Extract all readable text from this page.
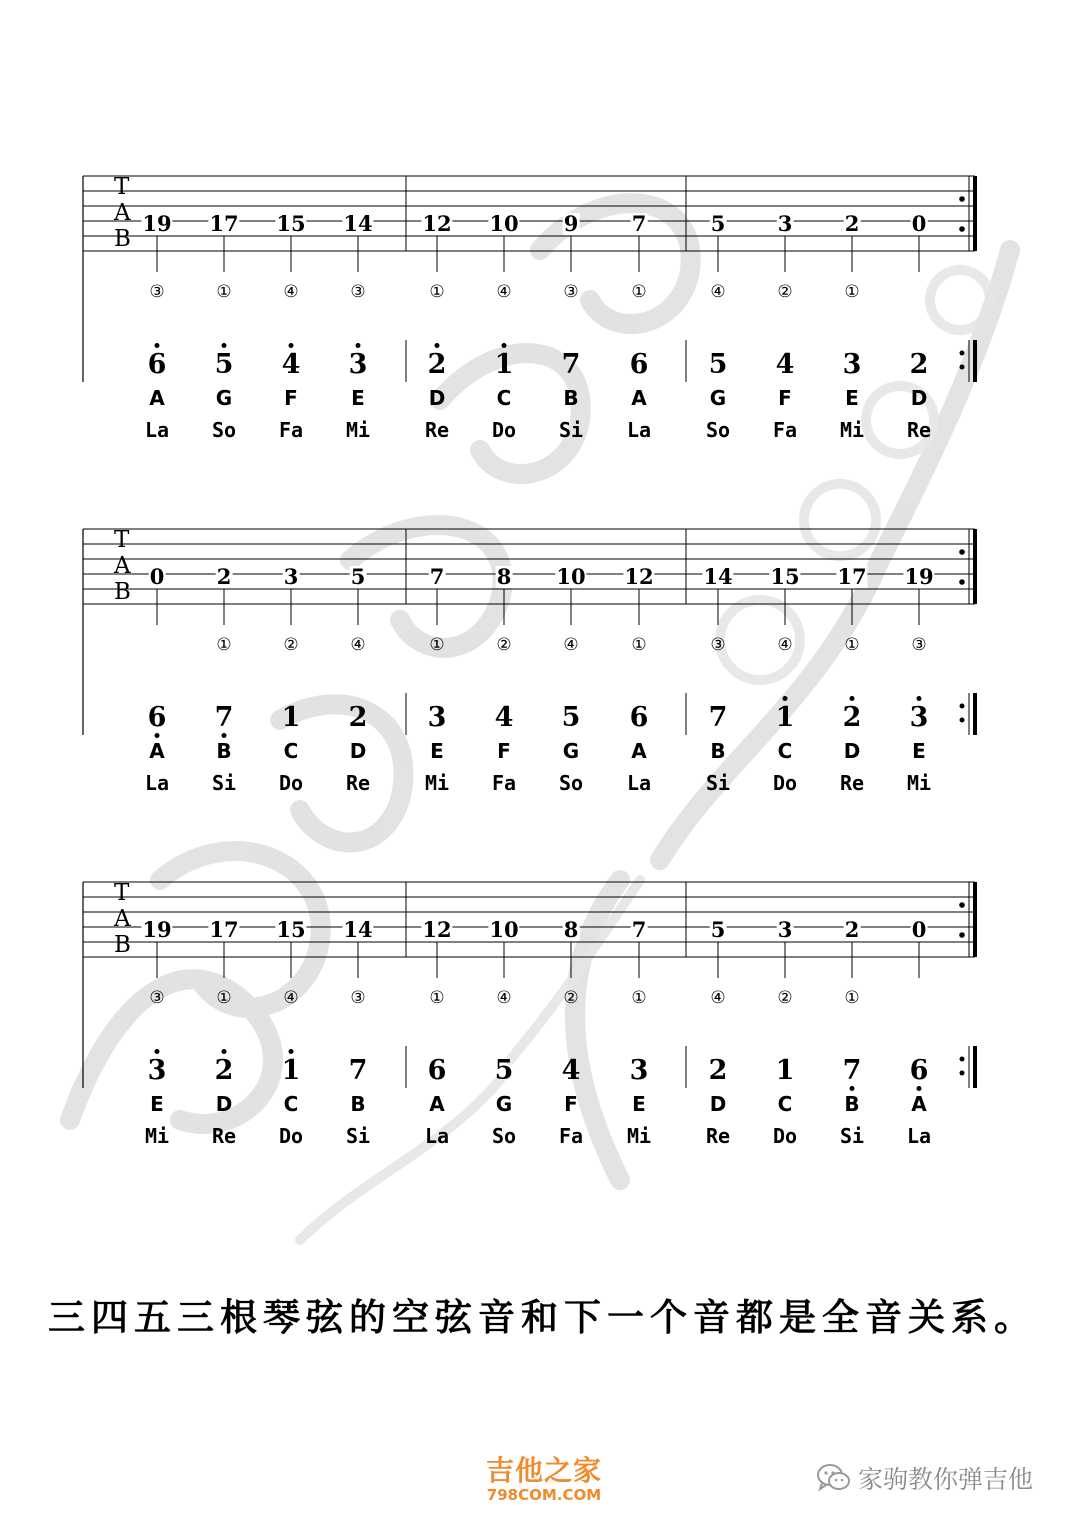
T
A
B
19
③
6
A
La
17
①
5
G
So
15
④
4
F
Fa
14
③
3
E
Mi
12
①
2
D
Re
10
④
1
C
Do
9
③
7
B
Si
7
①
6
A
La
5
④
5
G
So
3
②
4
F
Fa
2
①
3
E
Mi
0
2
D
Re
T
A
B
0
6
A
La
2
①
7
B
Si
3
②
1
C
Do
5
④
2
D
Re
7
①
3
E
Mi
8
②
4
F
Fa
10
④
5
G
So
12
①
6
A
La
14
③
7
B
Si
15
④
1
C
Do
17
①
2
D
Re
19
③
3
E
Mi
T
A
B
19
③
3
E
Mi
17
①
2
D
Re
15
④
1
C
Do
14
③
7
B
Si
12
①
6
A
La
10
④
5
G
So
8
②
4
F
Fa
7
①
3
E
Mi
5
④
2
D
Re
3
②
1
C
Do
2
①
7
B
Si
0
6
A
La
三四五三根琴弦的空弦音和下一个音都是全音关系。
吉他之家
798COM.COM
家驹教你弹吉他
